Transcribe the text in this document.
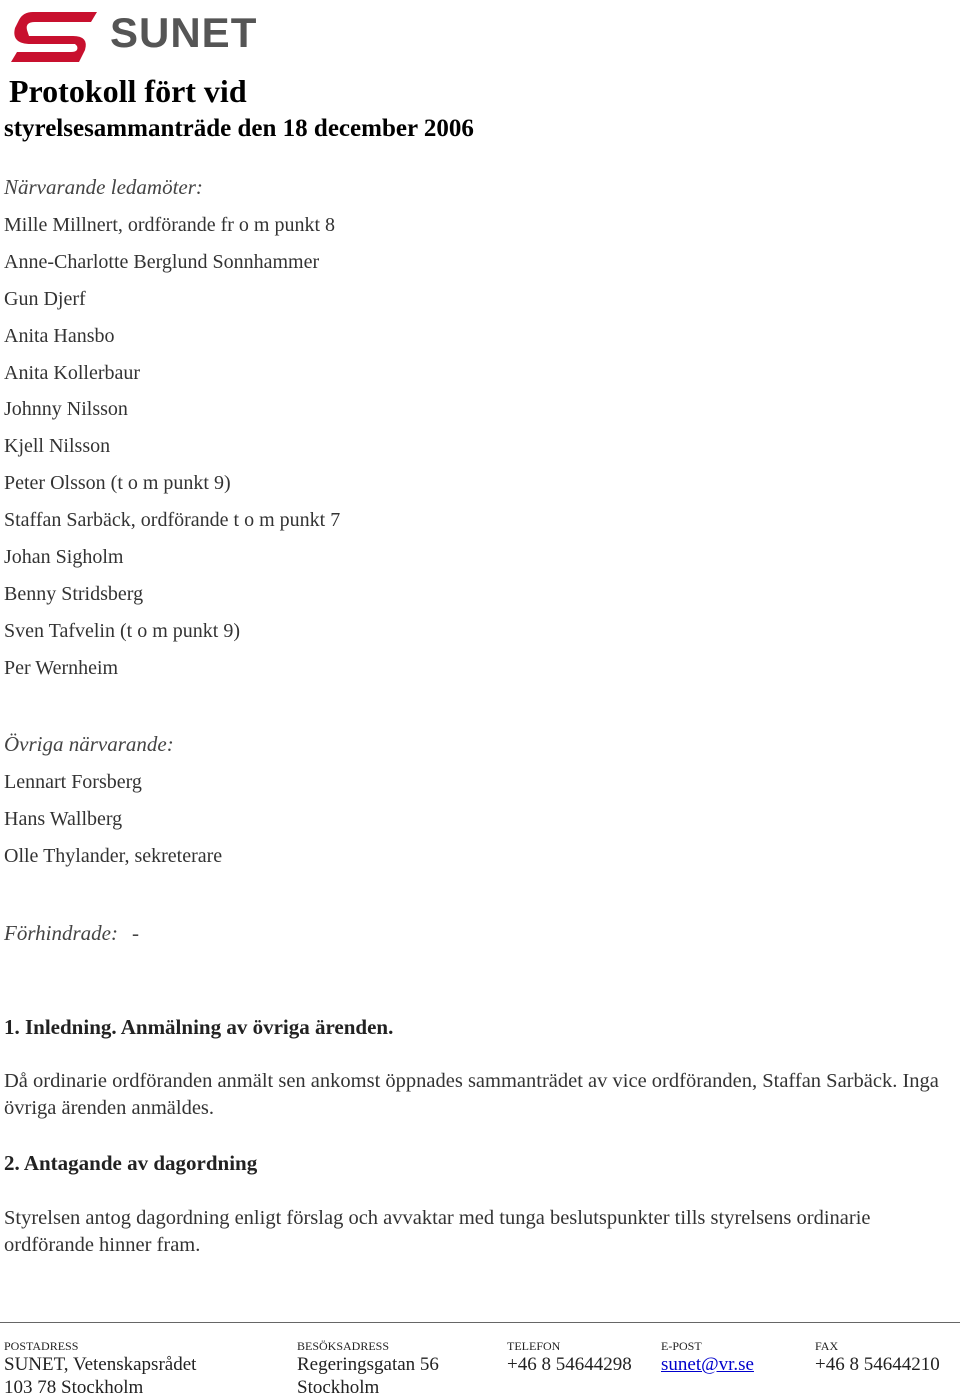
SUNET
Protokoll fört vid
styrelsesammanträde den 18 december 2006
Närvarande ledamöter:
Mille Millnert, ordförande fr o m punkt 8
Anne-Charlotte Berglund Sonnhammer
Gun Djerf
Anita Hansbo
Anita Kollerbaur
Johnny Nilsson
Kjell Nilsson
Peter Olsson (t o m punkt 9)
Staffan Sarbäck, ordförande t o m punkt 7
Johan Sigholm
Benny Stridsberg
Sven Tafvelin (t o m punkt 9)
Per Wernheim
Övriga närvarande:
Lennart Forsberg
Hans Wallberg
Olle Thylander, sekreterare
Förhindrade: -
1. Inledning. Anmälning av övriga ärenden.
Då ordinarie ordföranden anmält sen ankomst öppnades sammanträdet av vice ordföranden, Staffan Sarbäck. Inga övriga ärenden anmäldes.
2. Antagande av dagordning
Styrelsen antog dagordning enligt förslag och avvaktar med tunga beslutspunkter tills styrelsens ordinarie ordförande hinner fram.
POSTADRESS
SUNET, Vetenskapsrådet
103 78 Stockholm
BESÖKSADRESS
Regeringsgatan 56
Stockholm
TELEFON
+46 8 54644298
E-POST
sunet@vr.se
FAX
+46 8 54644210
